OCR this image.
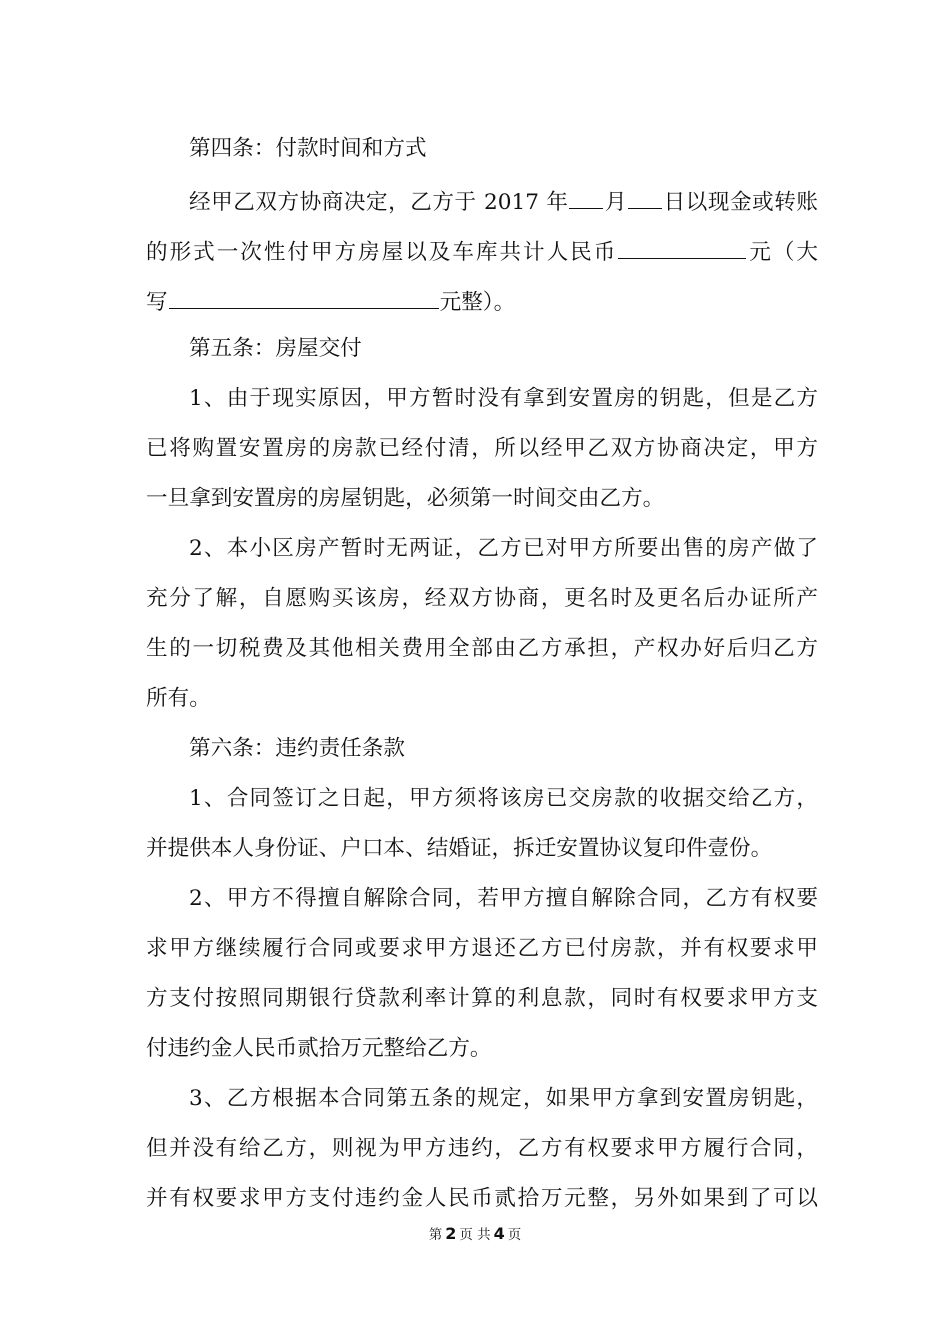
第四条：付款时间和方式
经甲乙双方协商决定，乙方于 2017 年 月 日以现金或转账
的形式一次性付甲方房屋以及车库共计人民币	元（大
写	元整）。
第五条：房屋交付
1、由于现实原因，甲方暂时没有拿到安置房的钥匙，但是乙方
已将购置安置房的房款已经付清，所以经甲乙双方协商决定，甲方
一旦拿到安置房的房屋钥匙，必须第一时间交由乙方。
2、本小区房产暂时无两证，乙方已对甲方所要出售的房产做了
充分了解，自愿购买该房，经双方协商，更名时及更名后办证所产
生的一切税费及其他相关费用全部由乙方承担，产权办好后归乙方
所有。
第六条：违约责任条款
1、合同签订之日起，甲方须将该房已交房款的收据交给乙方，
并提供本人身份证、户口本、结婚证，拆迁安置协议复印件壹份。
2、甲方不得擅自解除合同，若甲方擅自解除合同，乙方有权要
求甲方继续履行合同或要求甲方退还乙方已付房款，并有权要求甲
方支付按照同期银行贷款利率计算的利息款，同时有权要求甲方支
付违约金人民币贰拾万元整给乙方。
3、乙方根据本合同第五条的规定，如果甲方拿到安置房钥匙，
但并没有给乙方，则视为甲方违约，乙方有权要求甲方履行合同，
并有权要求甲方支付违约金人民币贰拾万元整，另外如果到了可以
第 2 页 共 4 页
